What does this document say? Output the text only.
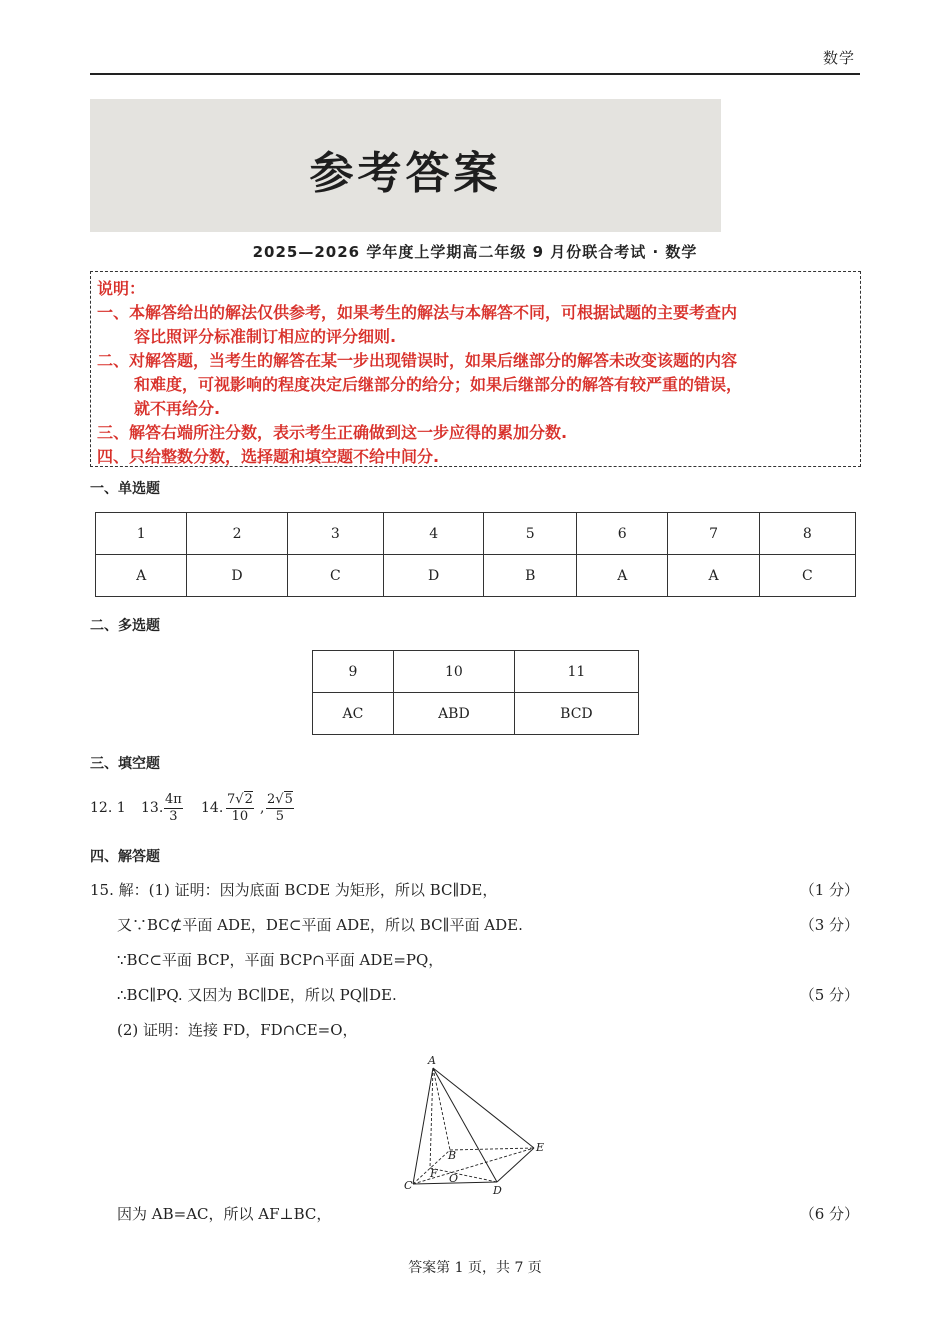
数学
参考答案
2025—2026 学年度上学期高二年级 9 月份联合考试 · 数学
说明：
一、本解答给出的解法仅供参考，如果考生的解法与本解答不同，可根据试题的主要考查内
容比照评分标准制订相应的评分细则.
二、对解答题，当考生的解答在某一步出现错误时，如果后继部分的解答未改变该题的内容
和难度，可视影响的程度决定后继部分的给分；如果后继部分的解答有较严重的错误，
就不再给分.
三、解答右端所注分数，表示考生正确做到这一步应得的累加分数.
四、只给整数分数，选择题和填空题不给中间分.
一、单选题
1	2	3	4	5	6	7	8
A	D	C	D	B	A	A	C
二、多选题
9	10	11
AC	ABD	BCD
三、填空题
12. 1 13. $\frac{4\pi}{3} 14$. $\frac{7√2}{10}$ , $\frac{2√5}{5}$
四、解答题
15. 解：(1) 证明：因为底面 BCDE 为矩形，所以 BC∥DE，	（1 分）
又∵BC⊄平面 ADE，DE⊂平面 ADE，所以 BC∥平面 ADE.	（3 分）
∵BC⊂平面 BCP，平面 BCP∩平面 ADE=PQ，
∴BC∥PQ. 又因为 BC∥DE，所以 PQ∥DE.	（5 分）
(2) 证明：连接 FD，FD∩CE=O，
A
B
C	D
E
F O
因为 AB=AC，所以 AF⊥BC，	（6 分）
答案第 1 页，共 7 页
